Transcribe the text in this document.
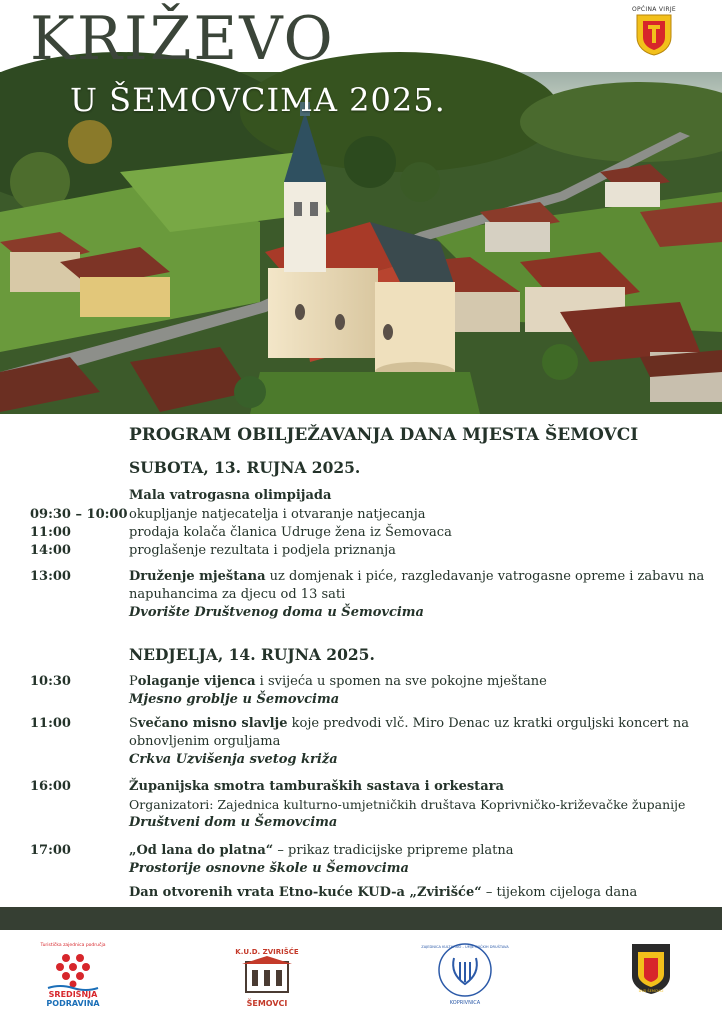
KRIŽEVO
U ŠEMOVCIMA 2025.
OPĆINA VIRJE
PROGRAM OBILJEŽAVANJA DANA MJESTA ŠEMOVCI
SUBOTA, 13. RUJNA 2025.
Mala vatrogasna olimpijada
09:30 – 10:00 okupljanje natjecatelja i otvaranje natjecanja
11:00	prodaja kolača članica Udruge žena iz Šemovaca
14:00	proglašenje rezultata i podjela priznanja
13:00	Druženje mještana uz domjenak i piće, razgledavanje vatrogasne opreme i zabavu na
napuhancima za djecu od 13 sati
Dvorište Društvenog doma u Šemovcima
NEDJELJA, 14. RUJNA 2025.
10:30	Polaganje vijenca i svijeća u spomen na sve pokojne mještane
Mjesno groblje u Šemovcima
11:00	Svečano misno slavlje koje predvodi vlč. Miro Denac uz kratki orguljski koncert na
obnovljenim orguljama
Crkva Uzvišenja svetog križa
16:00	Županijska smotra tamburaških sastava i orkestara
Organizatori: Zajednica kulturno-umjetničkih društava Koprivničko-križevačke županije
Društveni dom u Šemovcima
17:00	„Od lana do platna“ – prikaz tradicijske pripreme platna
Prostorije osnovne škole u Šemovcima
Dan otvorenih vrata Etno-kuće KUD-a „Zvirišće“ – tijekom cijeloga dana
Turistička zajednica područja
SREDIŠNJA
PODRAVINA
K.U.D. ZVIRIŠĆE
ŠEMOVCI
ZAJEDNICA KULTURNO - UMJETNIČKIH DRUŠTAVA
KOPRIVNICA
DVD ŠEMOVCI
